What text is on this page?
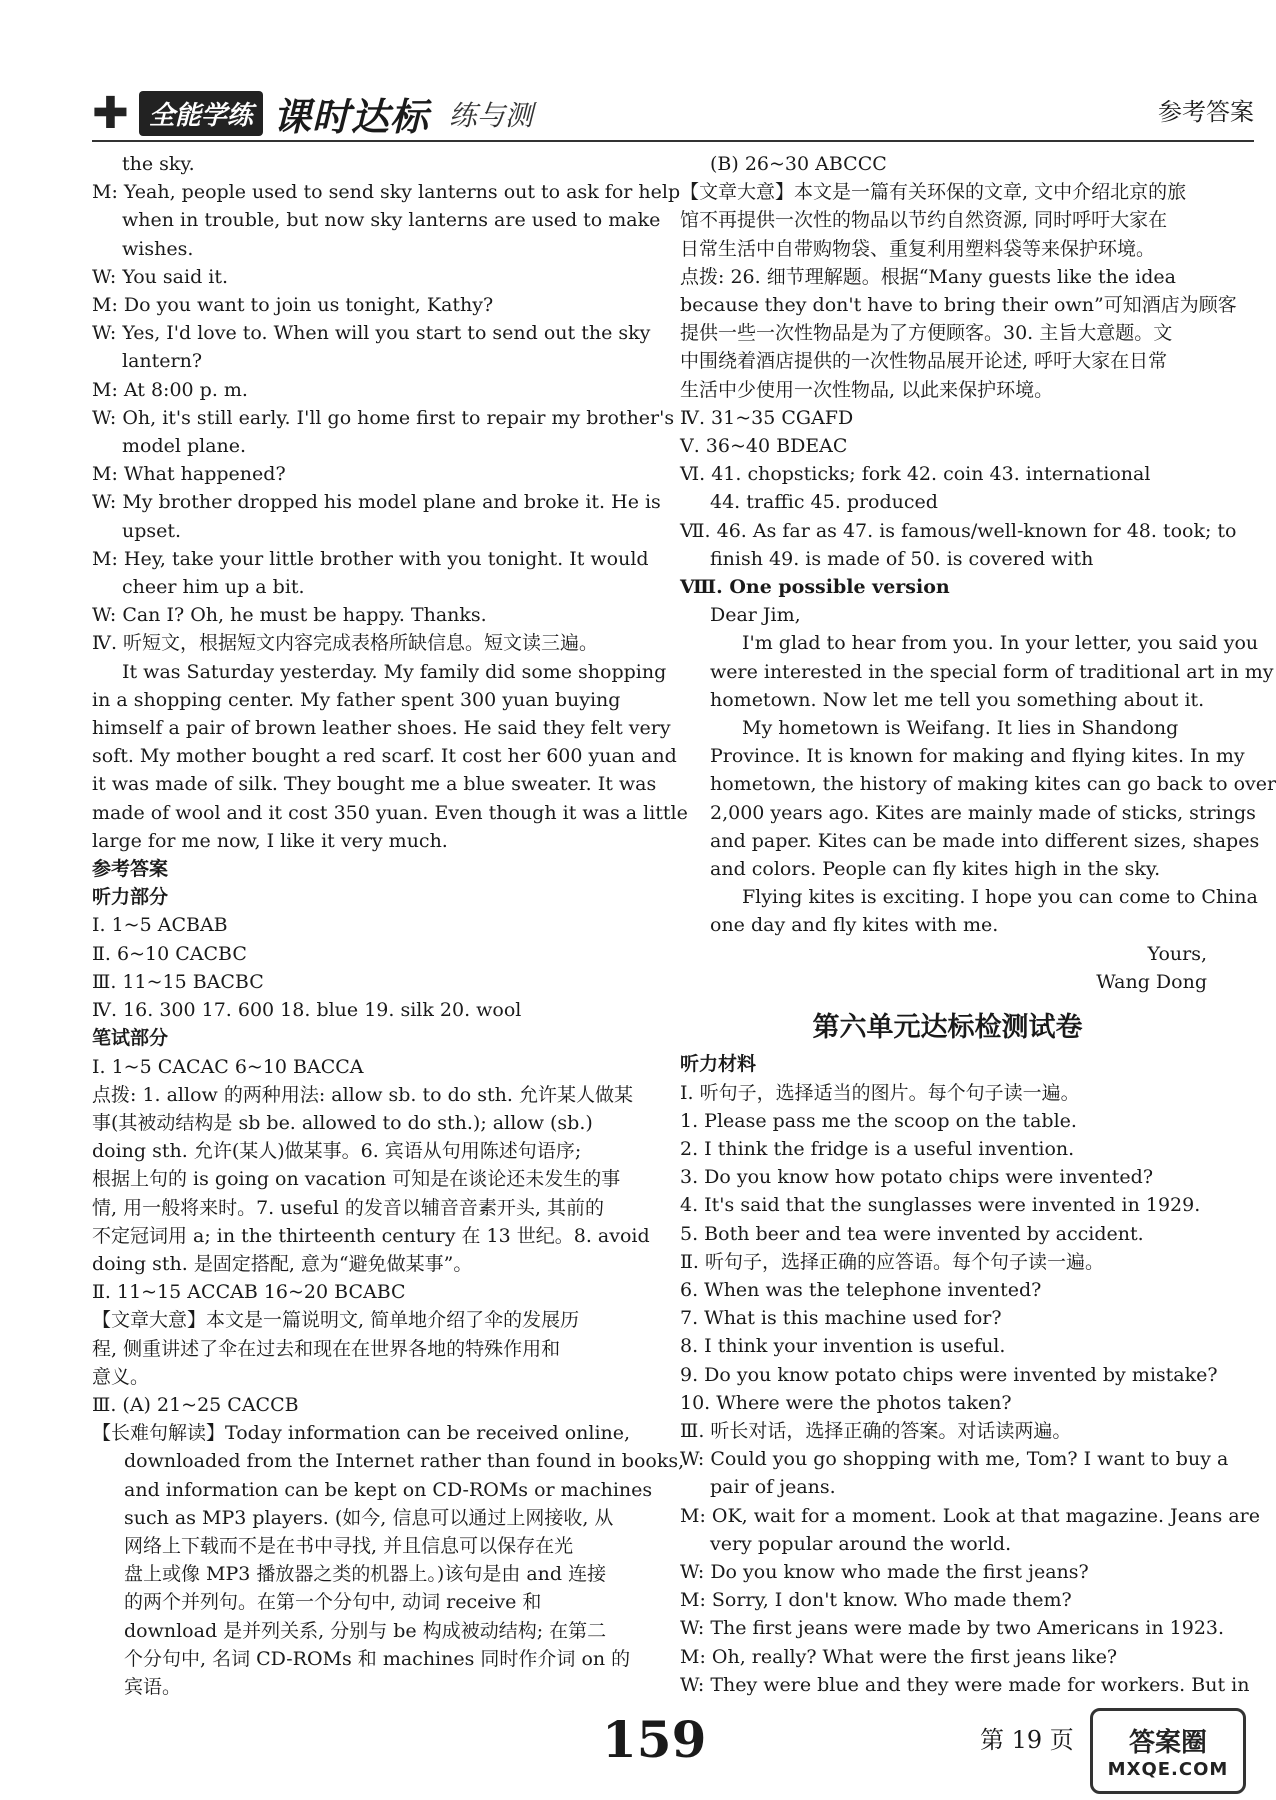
✚ 全能学练 课时达标 练与测	参考答案
the sky.
M: Yeah, people used to send sky lanterns out to ask for help
when in trouble, but now sky lanterns are used to make
wishes.
W: You said it.
M: Do you want to join us tonight, Kathy?
W: Yes, I'd love to. When will you start to send out the sky
lantern?
M: At 8:00 p. m.
W: Oh, it's still early. I'll go home first to repair my brother's
model plane.
M: What happened?
W: My brother dropped his model plane and broke it. He is
upset.
M: Hey, take your little brother with you tonight. It would
cheer him up a bit.
W: Can I? Oh, he must be happy. Thanks.
Ⅳ. 听短文，根据短文内容完成表格所缺信息。短文读三遍。
It was Saturday yesterday. My family did some shopping
in a shopping center. My father spent 300 yuan buying
himself a pair of brown leather shoes. He said they felt very
soft. My mother bought a red scarf. It cost her 600 yuan and
it was made of silk. They bought me a blue sweater. It was
made of wool and it cost 350 yuan. Even though it was a little
large for me now, I like it very much.
参考答案
听力部分
Ⅰ. 1~5 ACBAB
Ⅱ. 6~10 CACBC
Ⅲ. 11~15 BACBC
Ⅳ. 16. 300 17. 600 18. blue 19. silk 20. wool
笔试部分
Ⅰ. 1~5 CACAC 6~10 BACCA
点拨: 1. allow 的两种用法: allow sb. to do sth. 允许某人做某
事(其被动结构是 sb be. allowed to do sth.); allow (sb.)
doing sth. 允许(某人)做某事。6. 宾语从句用陈述句语序;
根据上句的 is going on vacation 可知是在谈论还未发生的事
情, 用一般将来时。7. useful 的发音以辅音音素开头, 其前的
不定冠词用 a; in the thirteenth century 在 13 世纪。8. avoid
doing sth. 是固定搭配, 意为“避免做某事”。
Ⅱ. 11~15 ACCAB 16~20 BCABC
【文章大意】本文是一篇说明文, 简单地介绍了伞的发展历
程, 侧重讲述了伞在过去和现在在世界各地的特殊作用和
意义。
Ⅲ. (A) 21~25 CACCB
【长难句解读】Today information can be received online,
downloaded from the Internet rather than found in books,
and information can be kept on CD-ROMs or machines
such as MP3 players. (如今, 信息可以通过上网接收, 从
网络上下载而不是在书中寻找, 并且信息可以保存在光
盘上或像 MP3 播放器之类的机器上。)该句是由 and 连接
的两个并列句。在第一个分句中, 动词 receive 和
download 是并列关系, 分别与 be 构成被动结构; 在第二
个分句中, 名词 CD-ROMs 和 machines 同时作介词 on 的
宾语。
(B) 26~30 ABCCC
【文章大意】本文是一篇有关环保的文章, 文中介绍北京的旅
馆不再提供一次性的物品以节约自然资源, 同时呼吁大家在
日常生活中自带购物袋、重复利用塑料袋等来保护环境。
点拨: 26. 细节理解题。根据“Many guests like the idea
because they don't have to bring their own”可知酒店为顾客
提供一些一次性物品是为了方便顾客。30. 主旨大意题。文
中围绕着酒店提供的一次性物品展开论述, 呼吁大家在日常
生活中少使用一次性物品, 以此来保护环境。
Ⅳ. 31~35 CGAFD
Ⅴ. 36~40 BDEAC
Ⅵ. 41. chopsticks; fork 42. coin 43. international
44. traffic 45. produced
Ⅶ. 46. As far as 47. is famous/well-known for 48. took; to
finish 49. is made of 50. is covered with
Ⅷ. One possible version
Dear Jim,
I'm glad to hear from you. In your letter, you said you
were interested in the special form of traditional art in my
hometown. Now let me tell you something about it.
My hometown is Weifang. It lies in Shandong
Province. It is known for making and flying kites. In my
hometown, the history of making kites can go back to over
2,000 years ago. Kites are mainly made of sticks, strings
and paper. Kites can be made into different sizes, shapes
and colors. People can fly kites high in the sky.
Flying kites is exciting. I hope you can come to China
one day and fly kites with me.
Yours,
Wang Dong
第六单元达标检测试卷
听力材料
Ⅰ. 听句子，选择适当的图片。每个句子读一遍。
1. Please pass me the scoop on the table.
2. I think the fridge is a useful invention.
3. Do you know how potato chips were invented?
4. It's said that the sunglasses were invented in 1929.
5. Both beer and tea were invented by accident.
Ⅱ. 听句子，选择正确的应答语。每个句子读一遍。
6. When was the telephone invented?
7. What is this machine used for?
8. I think your invention is useful.
9. Do you know potato chips were invented by mistake?
10. Where were the photos taken?
Ⅲ. 听长对话，选择正确的答案。对话读两遍。
W: Could you go shopping with me, Tom? I want to buy a
pair of jeans.
M: OK, wait for a moment. Look at that magazine. Jeans are
very popular around the world.
W: Do you know who made the first jeans?
M: Sorry, I don't know. Who made them?
W: The first jeans were made by two Americans in 1923.
M: Oh, really? What were the first jeans like?
W: They were blue and they were made for workers. But in
159	第 19 页 答案圈
MXQE.COM
